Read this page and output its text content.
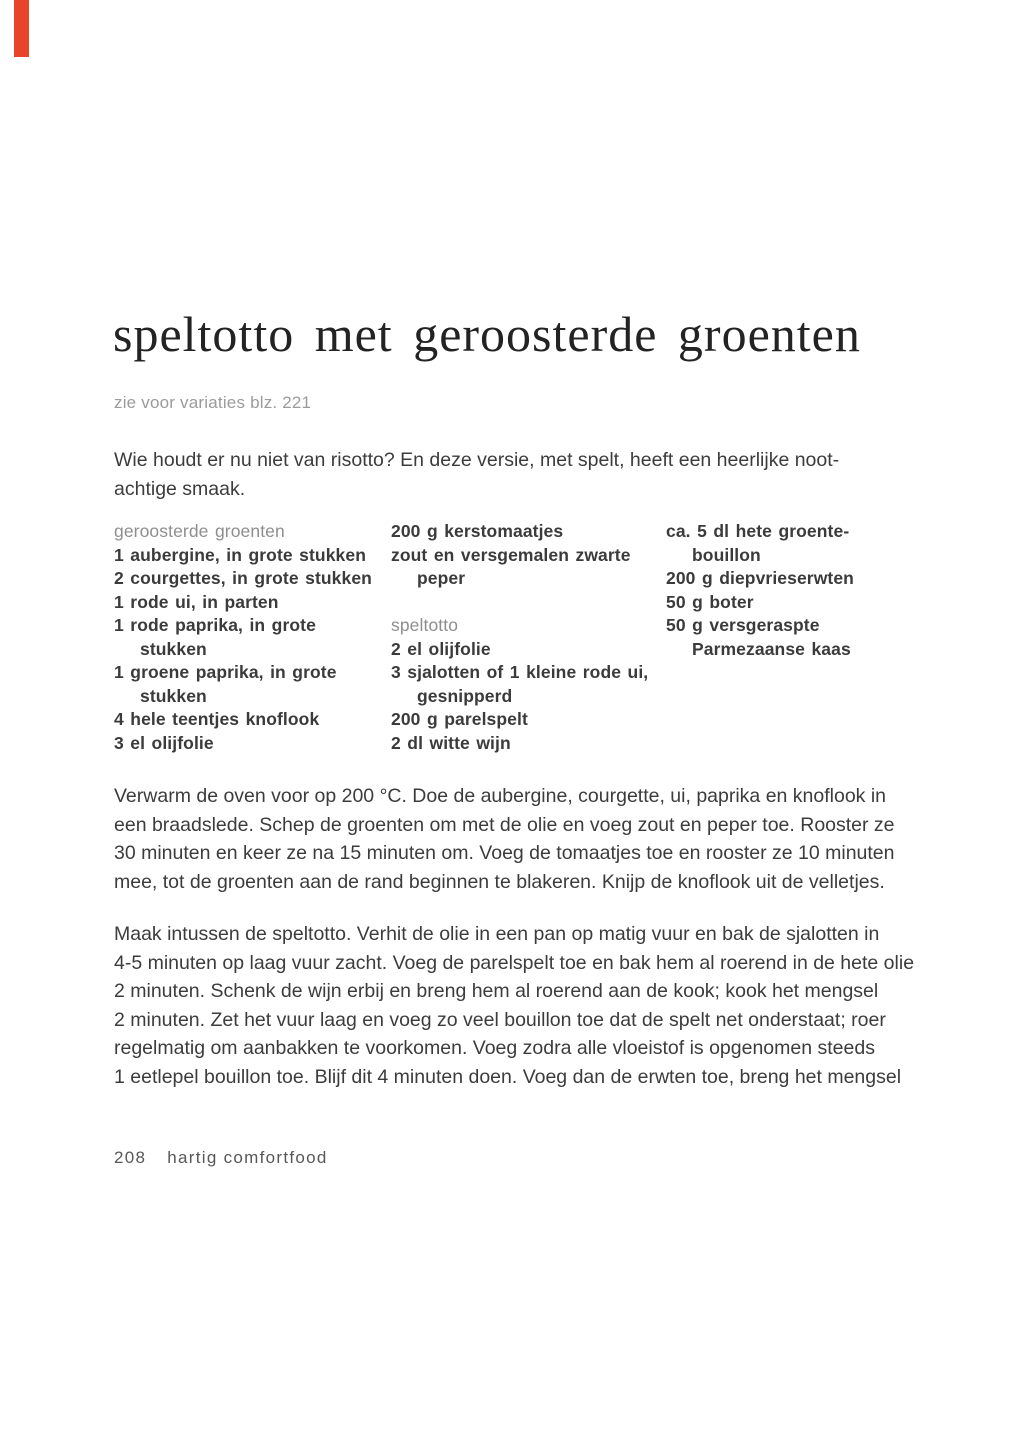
speltotto met geroosterde groenten
zie voor variaties blz. 221
Wie houdt er nu niet van risotto? En deze versie, met spelt, heeft een heerlijke noot-
achtige smaak.
geroosterde groenten
1 aubergine, in grote stukken
2 courgettes, in grote stukken
1 rode ui, in parten
1 rode paprika, in grote
stukken
1 groene paprika, in grote
stukken
4 hele teentjes knoflook
3 el olijfolie
200 g kerstomaatjes
zout en versgemalen zwarte
peper
speltotto
2 el olijfolie
3 sjalotten of 1 kleine rode ui,
gesnipperd
200 g parelspelt
2 dl witte wijn
ca. 5 dl hete groente-
bouillon
200 g diepvrieserwten
50 g boter
50 g versgeraspte
Parmezaanse kaas
Verwarm de oven voor op 200 °C. Doe de aubergine, courgette, ui, paprika en knoflook in
een braadslede. Schep de groenten om met de olie en voeg zout en peper toe. Rooster ze
30 minuten en keer ze na 15 minuten om. Voeg de tomaatjes toe en rooster ze 10 minuten
mee, tot de groenten aan de rand beginnen te blakeren. Knijp de knoflook uit de velletjes.
Maak intussen de speltotto. Verhit de olie in een pan op matig vuur en bak de sjalotten in
4-5 minuten op laag vuur zacht. Voeg de parelspelt toe en bak hem al roerend in de hete olie
2 minuten. Schenk de wijn erbij en breng hem al roerend aan de kook; kook het mengsel
2 minuten. Zet het vuur laag en voeg zo veel bouillon toe dat de spelt net onderstaat; roer
regelmatig om aanbakken te voorkomen. Voeg zodra alle vloeistof is opgenomen steeds
1 eetlepel bouillon toe. Blijf dit 4 minuten doen. Voeg dan de erwten toe, breng het mengsel
208 hartig comfortfood
